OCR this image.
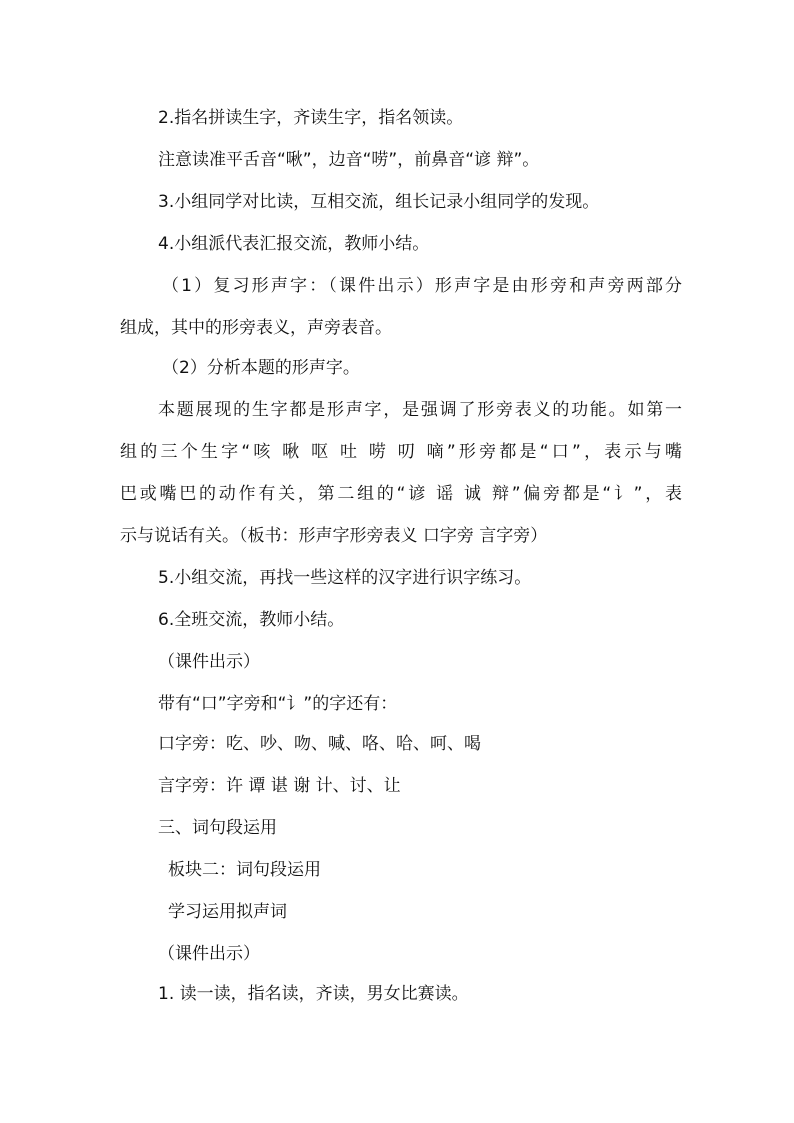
2.指名拼读生字，齐读生字，指名领读。
注意读准平舌音“啾”，边音“唠”，前鼻音“谚 辩”。
3.小组同学对比读，互相交流，组长记录小组同学的发现。
4.小组派代表汇报交流，教师小结。
（1）复习形声字：（课件出示）形声字是由形旁和声旁两部分
组成，其中的形旁表义，声旁表音。
（2）分析本题的形声字。
本题展现的生字都是形声字，是强调了形旁表义的功能。如第一
组的三个生字“咳 啾 呕 吐 唠 叨 嘀”形旁都是“口”，表示与嘴
巴或嘴巴的动作有关，第二组的“谚 谣 诚 辩”偏旁都是“讠”，表
示与说话有关。（板书：形声字形旁表义 口字旁 言字旁）
5.小组交流，再找一些这样的汉字进行识字练习。
6.全班交流，教师小结。
（课件出示）
带有“口”字旁和“讠”的字还有：
口字旁：吃、吵、吻、喊、咯、哈、呵、喝
言字旁：许 谭 谌 谢 计、讨、让
三、词句段运用
板块二：词句段运用
学习运用拟声词
（课件出示）
1. 读一读，指名读，齐读，男女比赛读。
